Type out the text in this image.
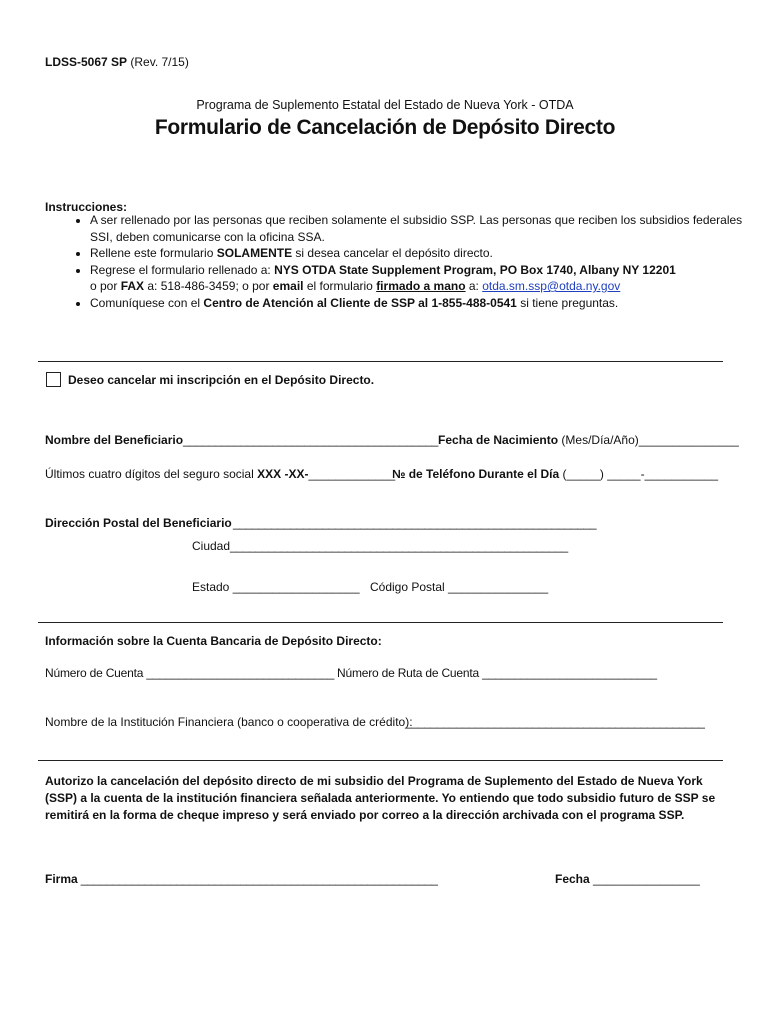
LDSS-5067 SP (Rev. 7/15)
Programa de Suplemento Estatal del Estado de Nueva York - OTDA
Formulario de Cancelación de Depósito Directo
Instrucciones:
• A ser rellenado por las personas que reciben solamente el subsidio SSP. Las personas que reciben los subsidios federales
SSI, deben comunicarse con la oficina SSA.
• Rellene este formulario SOLAMENTE si desea cancelar el depósito directo.
• Regrese el formulario rellenado a: NYS OTDA State Supplement Program, PO Box 1740, Albany NY 12201
o por FAX a: 518-486-3459; o por email el formulario firmado a mano a: otda.sm.ssp@otda.ny.gov
• Comuníquese con el Centro de Atención al Cliente de SSP al 1-855-488-0541 si tiene preguntas.
Deseo cancelar mi inscripción en el Depósito Directo.
Nombre del Beneficiario________________________________________Fecha de Nacimiento (Mes/Día/Año)_______________
Últimos cuatro dígitos del seguro social XXX -XX-_____________
№ de Teléfono Durante el Día (_____) _____-___________
Dirección Postal del Beneficiario _________________________________________________________
Ciudad_____________________________________________________
Estado ___________________ Código Postal _______________
Información sobre la Cuenta Bancaria de Depósito Directo:
Número de Cuenta _____________________________ Número de Ruta de Cuenta ___________________________
Nombre de la Institución Financiera (banco o cooperativa de crédito):
_______________________________________________
Autorizo la cancelación del depósito directo de mi subsidio del Programa de Suplemento del Estado de Nueva York (SSP) a la cuenta de la institución financiera señalada anteriormente. Yo entiendo que todo subsidio futuro de SSP se remitirá en la forma de cheque impreso y será enviado por correo a la dirección archivada con el programa SSP.
Firma ________________________________________________________	Fecha ________________
